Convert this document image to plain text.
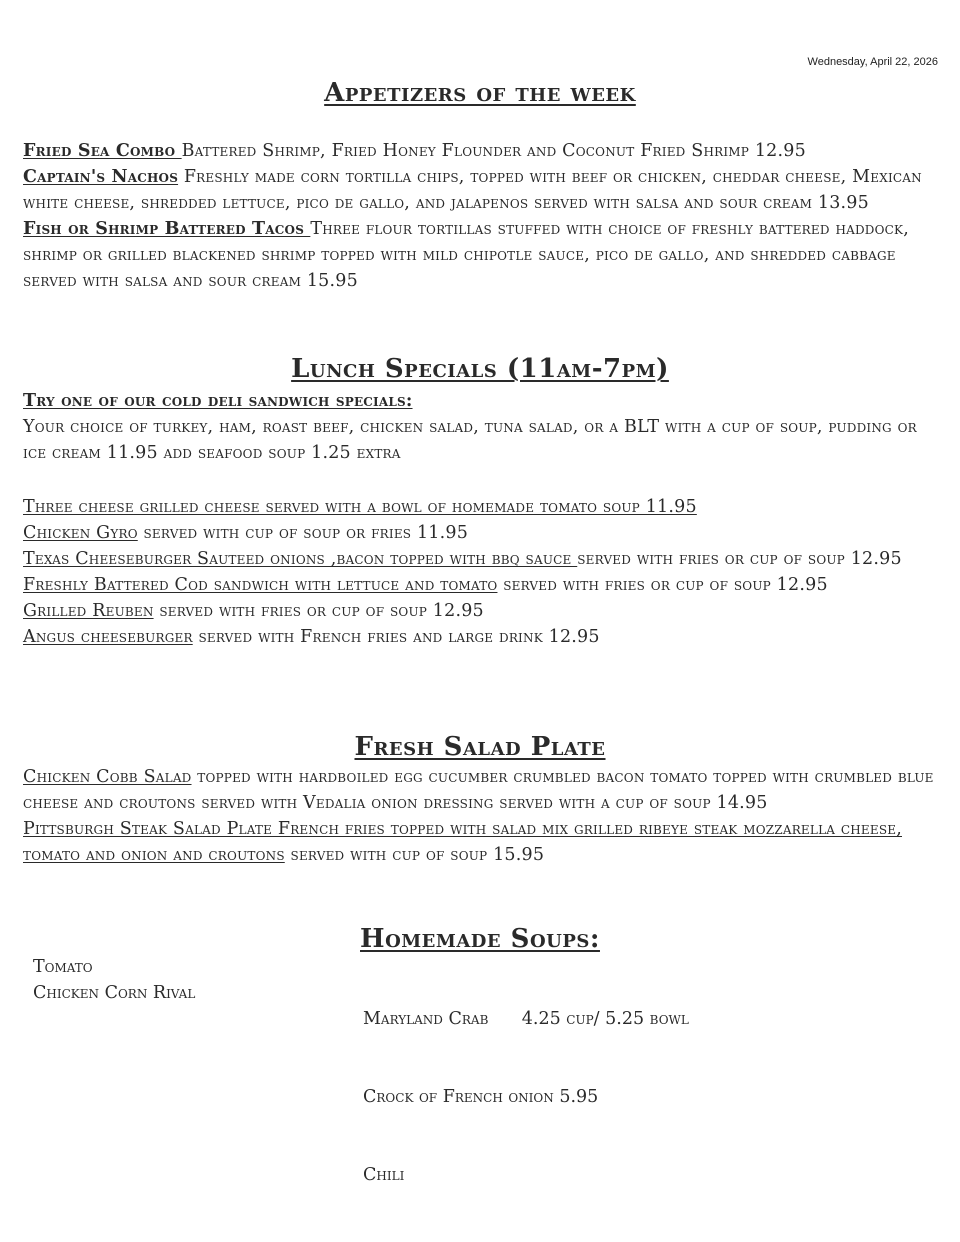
Wednesday, April 22, 2026
Appetizers of the week
Fried Sea Combo Battered Shrimp, Fried Honey Flounder and Coconut Fried Shrimp 12.95
Captain's Nachos Freshly made corn tortilla chips, topped with beef or chicken, cheddar cheese, Mexican white cheese, shredded lettuce, pico de gallo, and jalapenos served with salsa and sour cream 13.95
Fish or Shrimp Battered Tacos Three flour tortillas stuffed with choice of freshly battered haddock, shrimp or grilled blackened shrimp topped with mild chipotle sauce, pico de gallo, and shredded cabbage served with salsa and sour cream 15.95
Lunch Specials (11am-7pm)
Try one of our cold deli sandwich specials:
Your choice of turkey, ham, roast beef, chicken salad, tuna salad, or a BLT with a cup of soup, pudding or ice cream 11.95 add seafood soup 1.25 extra
Three cheese grilled cheese served with a bowl of homemade tomato soup 11.95
Chicken Gyro served with cup of soup or fries 11.95
Texas Cheeseburger Sauteed onions ,bacon topped with bbq sauce served with fries or cup of soup 12.95
Freshly Battered Cod sandwich with lettuce and tomato served with fries or cup of soup 12.95
Grilled Reuben served with fries or cup of soup 12.95
Angus cheeseburger served with French fries and large drink 12.95
Fresh Salad Plate
Chicken Cobb Salad topped with hardboiled egg cucumber crumbled bacon tomato topped with crumbled blue cheese and croutons served with Vedalia onion dressing served with a cup of soup 14.95
Pittsburgh Steak Salad Plate French fries topped with salad mix grilled ribeye steak mozzarella cheese, tomato and onion and croutons served with cup of soup 15.95
Homemade Soups:
Tomato
Chicken Corn Rival

Maryland Crab      4.25 cup/ 5.25 bowl

Crock of French onion 5.95

Chili
